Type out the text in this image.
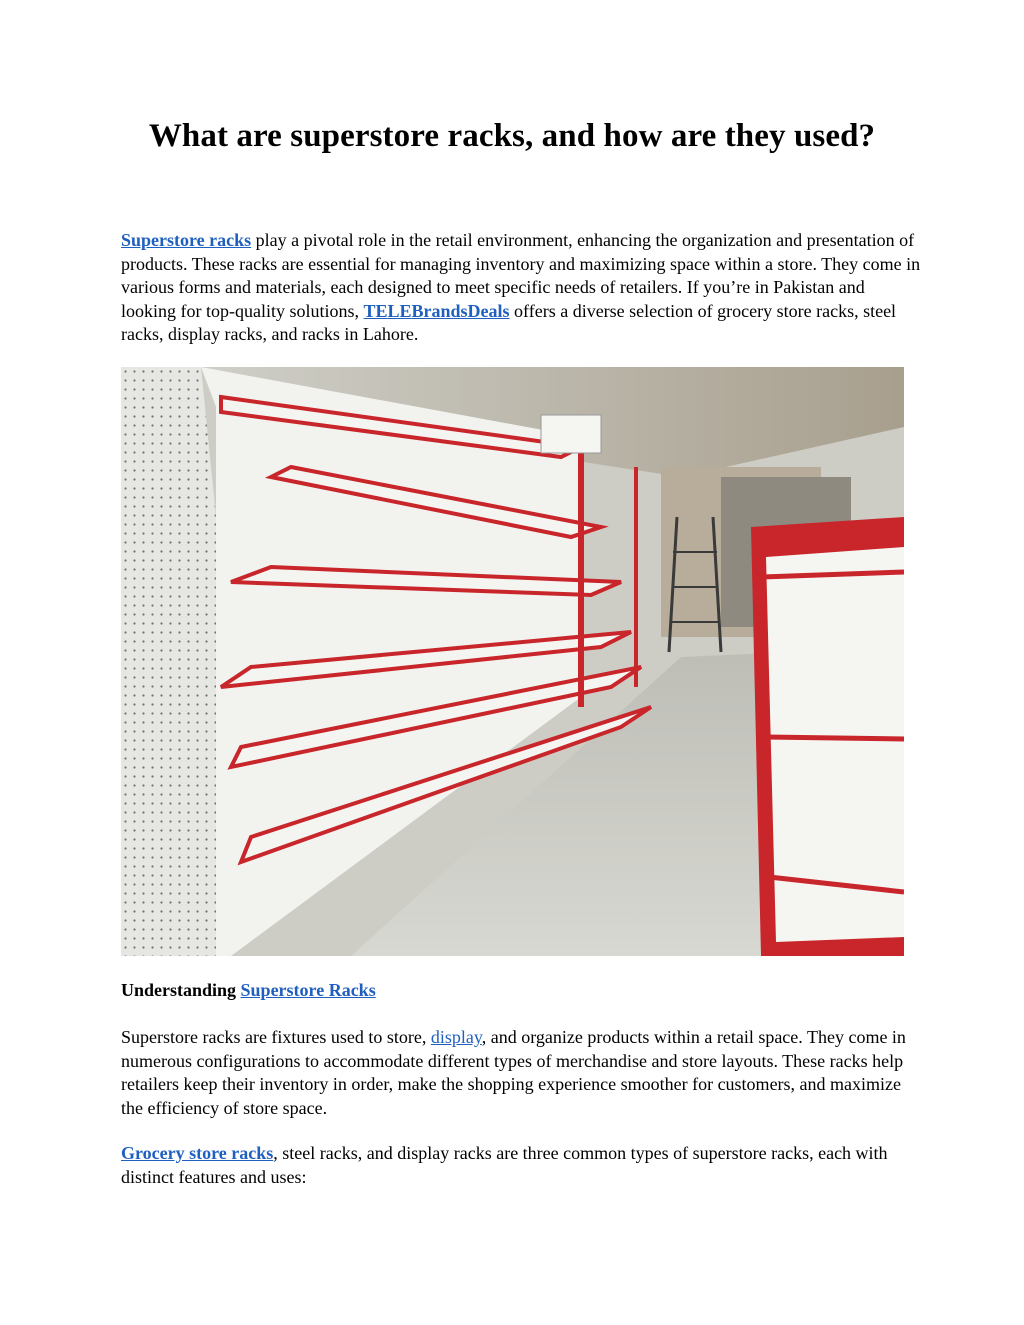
What are superstore racks, and how are they used?

Superstore racks play a pivotal role in the retail environment, enhancing the organization and presentation of products. These racks are essential for managing inventory and maximizing space within a store. They come in various forms and materials, each designed to meet specific needs of retailers. If you’re in Pakistan and looking for top-quality solutions, TELEBrandsDeals offers a diverse selection of grocery store racks, steel racks, display racks, and racks in Lahore.

Understanding Superstore Racks

Superstore racks are fixtures used to store, display, and organize products within a retail space. They come in numerous configurations to accommodate different types of merchandise and store layouts. These racks help retailers keep their inventory in order, make the shopping experience smoother for customers, and maximize the efficiency of store space.

Grocery store racks, steel racks, and display racks are three common types of superstore racks, each with distinct features and uses:
